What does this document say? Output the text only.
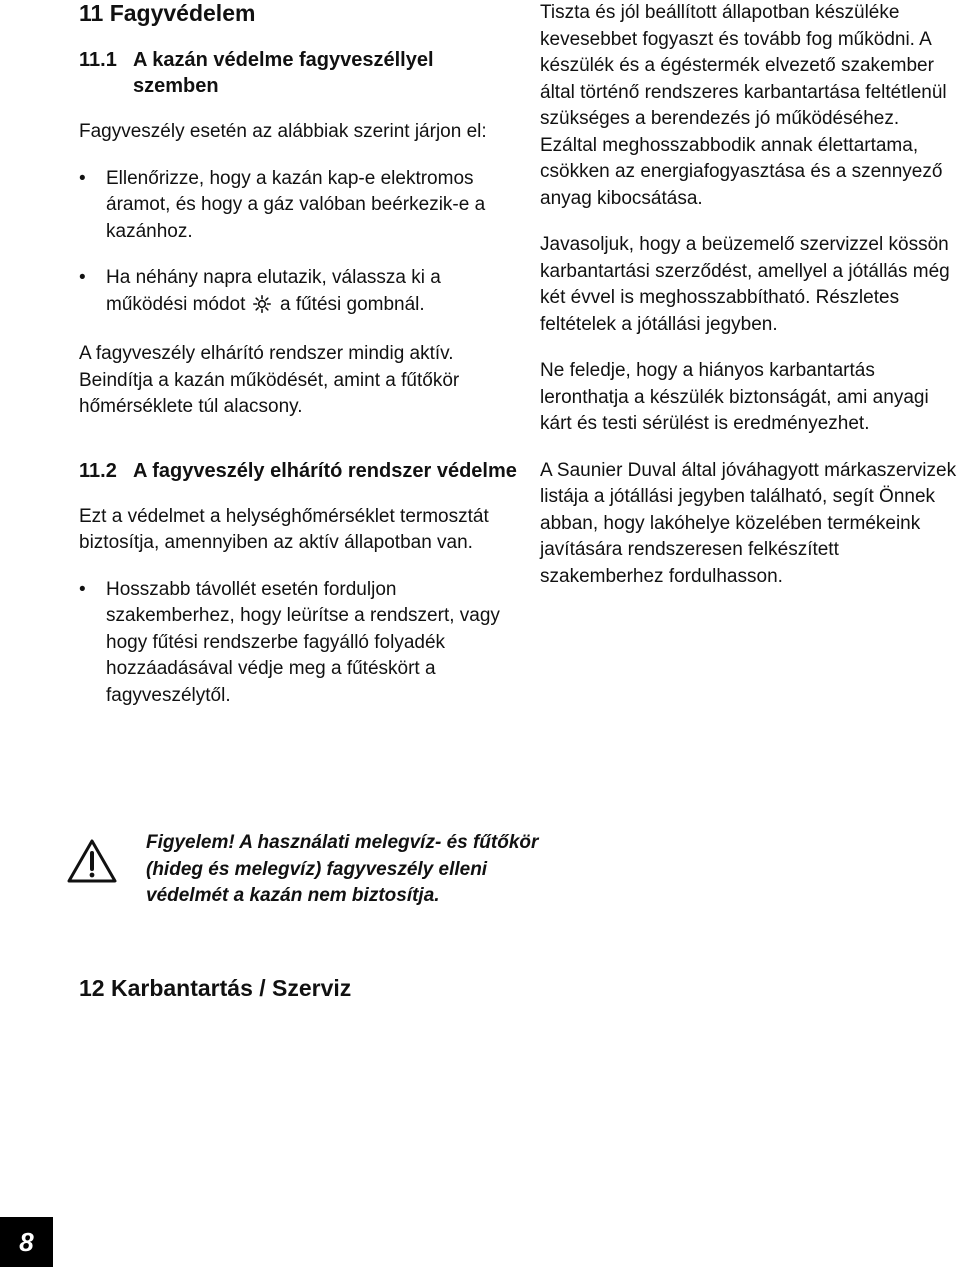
11 Fagyvédelem
11.1 A kazán védelme fagyveszéllyel szemben

Fagyveszély esetén az alábbiak szerint járjon el:

•	Ellenőrizze, hogy a kazán kap-e elektromos áramot, és hogy a gáz valóban beérkezik-e a kazánhoz.
•	Ha néhány napra elutazik, válassza ki a működési módot a fűtési gombnál.

A fagyveszély elhárító rendszer mindig aktív. Beindítja a kazán működését, amint a fűtőkör hőmérséklete túl alacsony.

11.2 A fagyveszély elhárító rendszer védelme

Ezt a védelmet a helységhőmérséklet termosztát biztosítja, amennyiben az aktív állapotban van.

•	Hosszabb távollét esetén forduljon szakemberhez, hogy leürítse a rendszert, vagy hogy fűtési rendszerbe fagyálló folyadék hozzáadásával védje meg a fűtéskört a fagyveszélytől.

Tiszta és jól beállított állapotban készüléke kevesebbet fogyaszt és tovább fog működni. A készülék és a égéstermék elvezető szakember által történő rendszeres karbantartása feltétlenül szükséges a berendezés jó működéséhez. Ezáltal meghosszabbodik annak élettartama, csökken az energiafogyasztása és a szennyező anyag kibocsátása.

Javasoljuk, hogy a beüzemelő szervizzel kössön karbantartási szerződést, amellyel a jótállás még két évvel is meghosszabbítható. Részletes feltételek a jótállási jegyben.

Ne feledje, hogy a hiányos karbantartás leronthatja a készülék biztonságát, ami anyagi kárt és testi sérülést is eredményezhet.

A Saunier Duval által jóváhagyott márkaszervizek listája a jótállási jegyben található, segít Önnek abban, hogy lakóhelye közelében termékeink javítására rendszeresen felkészített szakemberhez fordulhasson.

Figyelem! A használati melegvíz- és fűtőkör (hideg és melegvíz) fagyveszély elleni védelmét a kazán nem biztosítja.
12 Karbantartás / Szerviz
8
